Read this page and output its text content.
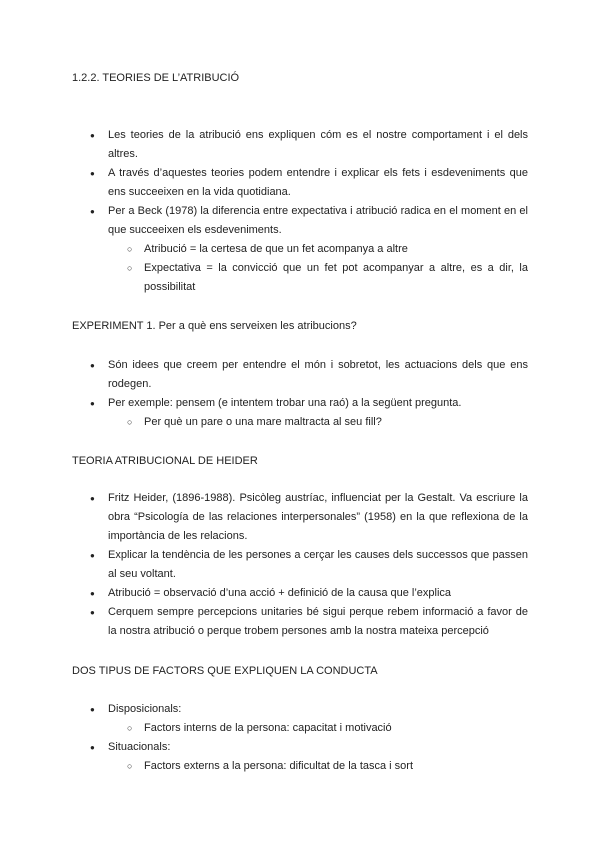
1.2.2. TEORIES DE L’ATRIBUCIÓ
● Les teories de la atribució ens expliquen cóm es el nostre comportament i el dels altres.
● A través d’aquestes teories podem entendre i explicar els fets i esdeveniments que ens succeeixen en la vida quotidiana.
● Per a Beck (1978) la diferencia entre expectativa i atribució radica en el moment en el que succeeixen els esdeveniments.
○ Atribució = la certesa de que un fet acompanya a altre
○ Expectativa = la convicció que un fet pot acompanyar a altre, es a dir, la possibilitat
EXPERIMENT 1. Per a què ens serveixen les atribucions?
● Són idees que creem per entendre el món i sobretot, les actuacions dels que ens rodegen.
● Per exemple: pensem (e intentem trobar una raó) a la següent pregunta.
○ Per què un pare o una mare maltracta al seu fill?
TEORIA ATRIBUCIONAL DE HEIDER
● Fritz Heider, (1896-1988). Psicòleg austríac, influenciat per la Gestalt. Va escriure la obra “Psicología de las relaciones interpersonales” (1958) en la que reflexiona de la importància de les relacions.
● Explicar la tendència de les persones a cerçar les causes dels successos que passen al seu voltant.
● Atribució = observació d’una acció + definició de la causa que l’explica
● Cerquem sempre percepcions unitaries bé sigui perque rebem informació a favor de la nostra atribució o perque trobem persones amb la nostra mateixa percepció
DOS TIPUS DE FACTORS QUE EXPLIQUEN LA CONDUCTA
● Disposicionals:
○ Factors interns de la persona: capacitat i motivació
● Situacionals:
○ Factors externs a la persona: dificultat de la tasca i sort
